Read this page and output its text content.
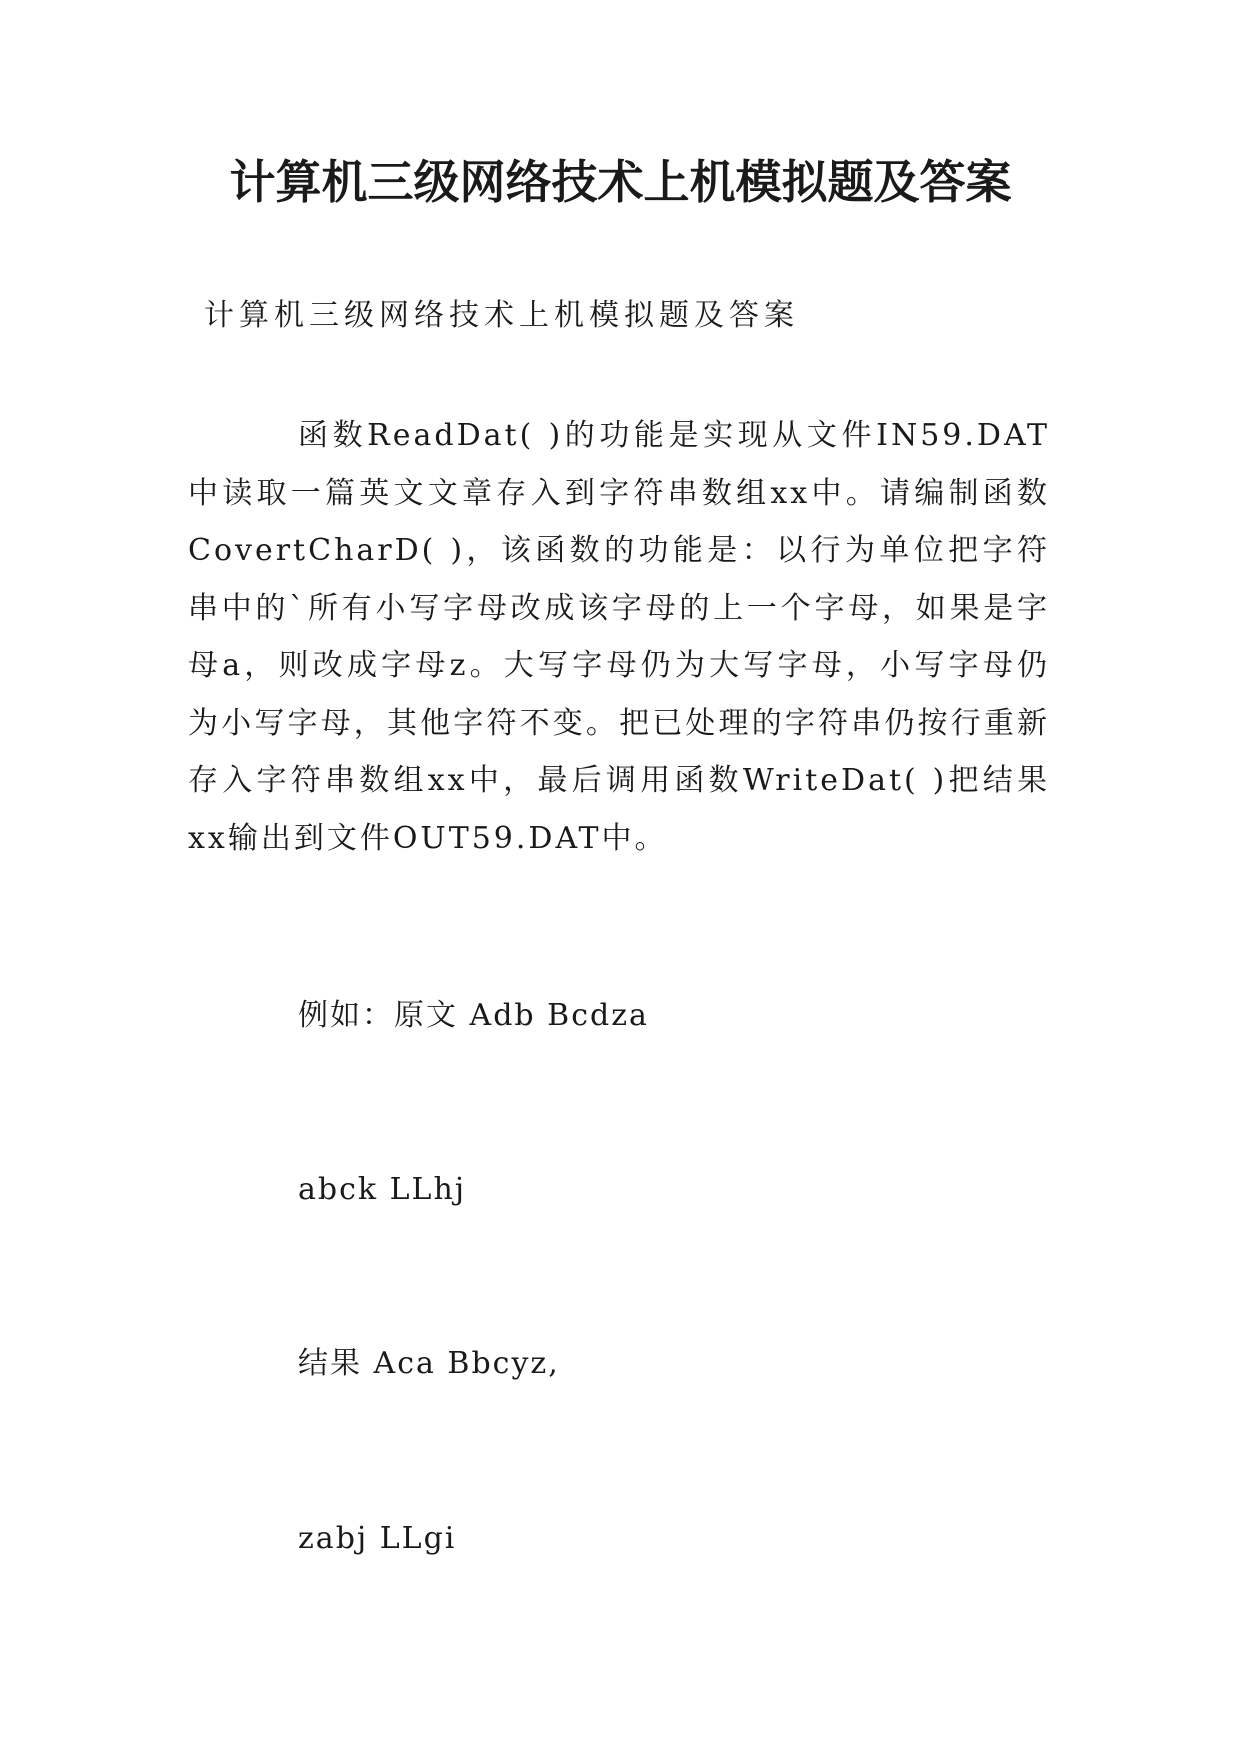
计算机三级网络技术上机模拟题及答案

计算机三级网络技术上机模拟题及答案

函数ReadDat( )的功能是实现从文件IN59.DAT中读取一篇英文文章存入到字符串数组xx中。请编制函数CovertCharD( )，该函数的功能是：以行为单位把字符串中的`所有小写字母改成该字母的上一个字母，如果是字母a，则改成字母z。大写字母仍为大写字母，小写字母仍为小写字母，其他字符不变。把已处理的字符串仍按行重新存入字符串数组xx中，最后调用函数WriteDat( )把结果xx输出到文件OUT59.DAT中。

例如：原文 Adb Bcdza

abck LLhj

结果 Aca Bbcyz,

zabj LLgi
